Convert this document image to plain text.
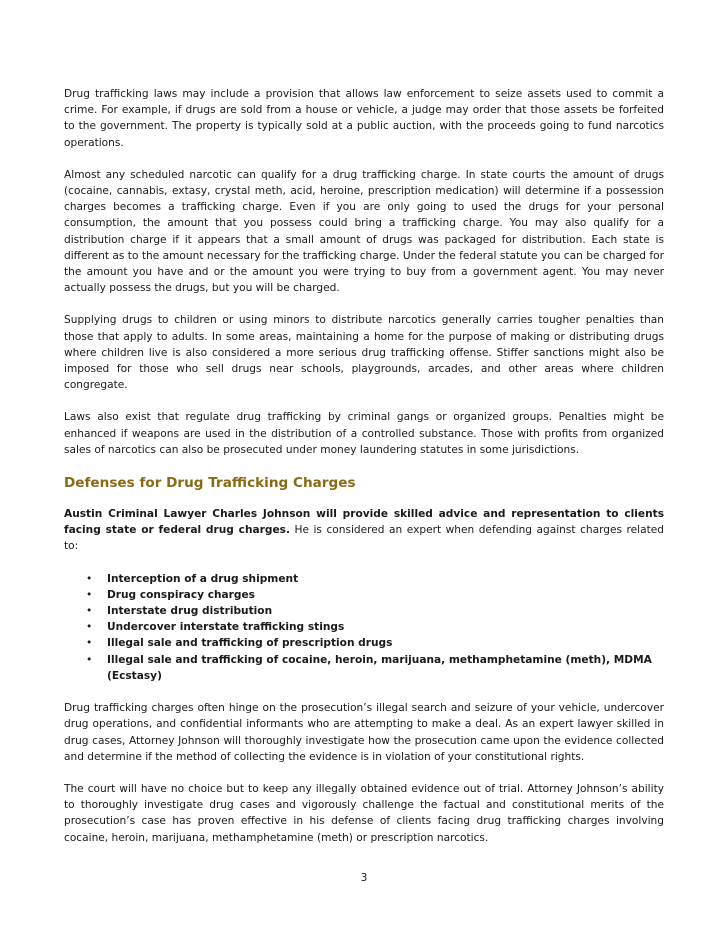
Drug trafficking laws may include a provision that allows law enforcement to seize assets used to commit a crime. For example, if drugs are sold from a house or vehicle, a judge may order that those assets be forfeited to the government. The property is typically sold at a public auction, with the proceeds going to fund narcotics operations.

Almost any scheduled narcotic can qualify for a drug trafficking charge. In state courts the amount of drugs (cocaine, cannabis, extasy, crystal meth, acid, heroine, prescription medication) will determine if a possession charges becomes a trafficking charge. Even if you are only going to used the drugs for your personal consumption, the amount that you possess could bring a trafficking charge. You may also qualify for a distribution charge if it appears that a small amount of drugs was packaged for distribution. Each state is different as to the amount necessary for the trafficking charge. Under the federal statute you can be charged for the amount you have and or the amount you were trying to buy from a government agent. You may never actually possess the drugs, but you will be charged.

Supplying drugs to children or using minors to distribute narcotics generally carries tougher penalties than those that apply to adults. In some areas, maintaining a home for the purpose of making or distributing drugs where children live is also considered a more serious drug trafficking offense. Stiffer sanctions might also be imposed for those who sell drugs near schools, playgrounds, arcades, and other areas where children congregate.

Laws also exist that regulate drug trafficking by criminal gangs or organized groups. Penalties might be enhanced if weapons are used in the distribution of a controlled substance. Those with profits from organized sales of narcotics can also be prosecuted under money laundering statutes in some jurisdictions.

Defenses for Drug Trafficking Charges

Austin Criminal Lawyer Charles Johnson will provide skilled advice and representation to clients facing state or federal drug charges. He is considered an expert when defending against charges related to:

• Interception of a drug shipment
• Drug conspiracy charges
• Interstate drug distribution
• Undercover interstate trafficking stings
• Illegal sale and trafficking of prescription drugs
• Illegal sale and trafficking of cocaine, heroin, marijuana, methamphetamine (meth), MDMA (Ecstasy)

Drug trafficking charges often hinge on the prosecution’s illegal search and seizure of your vehicle, undercover drug operations, and confidential informants who are attempting to make a deal. As an expert lawyer skilled in drug cases, Attorney Johnson will thoroughly investigate how the prosecution came upon the evidence collected and determine if the method of collecting the evidence is in violation of your constitutional rights.

The court will have no choice but to keep any illegally obtained evidence out of trial. Attorney Johnson’s ability to thoroughly investigate drug cases and vigorously challenge the factual and constitutional merits of the prosecution’s case has proven effective in his defense of clients facing drug trafficking charges involving cocaine, heroin, marijuana, methamphetamine (meth) or prescription narcotics.

3
